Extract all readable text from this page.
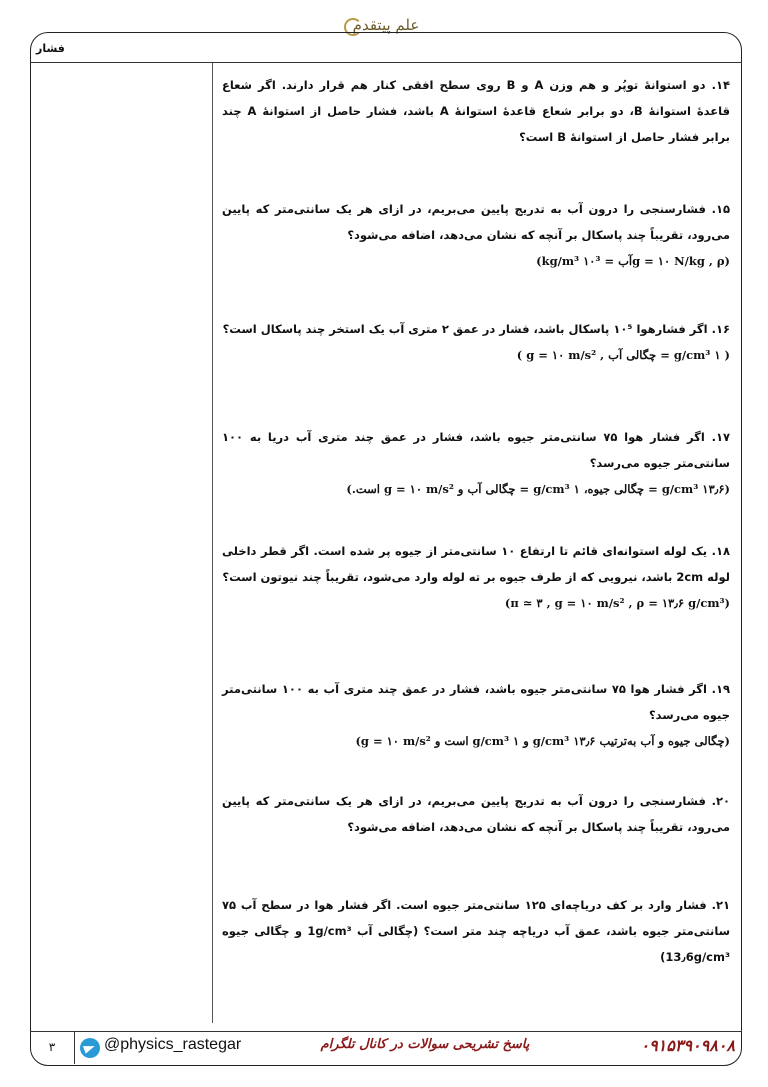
علم پیتقدم
فشار
۱۴. دو استوانهٔ توپُر و هم وزن A و B روی سطح افقی کنار هم قرار دارند. اگر شعاع قاعدهٔ استوانهٔ B، دو برابر شعاع قاعدهٔ استوانهٔ A باشد، فشار حاصل از استوانهٔ A چند برابر فشار حاصل از استوانهٔ B است؟
۱۵. فشارسنجی را درون آب به تدریج پایین می‌بریم، در ازای هر یک سانتی‌متر که پایین می‌رود، تقریباً چند پاسکال بر آنچه که نشان می‌دهد، اضافه می‌شود؟
(g = ۱۰ N/kg , ρ‌آب = ۱۰³ kg/m³)
۱۶. اگر فشارهوا ۱۰⁵ پاسکال باشد، فشار در عمق ۲ متری آب یک استخر چند پاسکال است؟
( ۱ g/cm³ = چگالی آب , g = ۱۰ m/s² )
۱۷. اگر فشار هوا ۷۵ سانتی‌متر جیوه باشد، فشار در عمق چند متری آب دریا به ۱۰۰ سانتی‌متر جیوه می‌رسد؟
(۱۳٫۶ g/cm³ = چگالی جیوه، ۱ g/cm³ = چگالی آب و g = ۱۰ m/s² است.)
۱۸. یک لوله استوانه‌ای قائم تا ارتفاع ۱۰ سانتی‌متر از جیوه پر شده است. اگر قطر داخلی لوله 2cm باشد، نیرویی که از طرف جیوه بر ته لوله وارد می‌شود، تقریباً چند نیوتون است؟
(π ≃ ۳ , g = ۱۰ m/s² , ρ = ۱۳٫۶ g/cm³)
۱۹. اگر فشار هوا ۷۵ سانتی‌متر جیوه باشد، فشار در عمق چند متری آب به ۱۰۰ سانتی‌متر جیوه می‌رسد؟
(چگالی جیوه و آب به‌ترتیب ۱۳٫۶ g/cm³ و ۱ g/cm³ است و g = ۱۰ m/s²)
۲۰. فشارسنجی را درون آب به تدریج پایین می‌بریم، در ازای هر یک سانتی‌متر که پایین می‌رود، تقریباً چند پاسکال بر آنچه که نشان می‌دهد، اضافه می‌شود؟
۲۱. فشار وارد بر کف دریاچه‌ای ۱۲۵ سانتی‌متر جیوه است. اگر فشار هوا در سطح آب ۷۵ سانتی‌متر جیوه باشد، عمق آب دریاچه چند متر است؟ (چگالی آب 1g/cm³ و چگالی جیوه 13٫6g/cm³)
۳	@physics_rastegar	پاسخ تشریحی سوالات در کانال تلگرام	۰۹۱۵۳۹۰۹۸۰۸
